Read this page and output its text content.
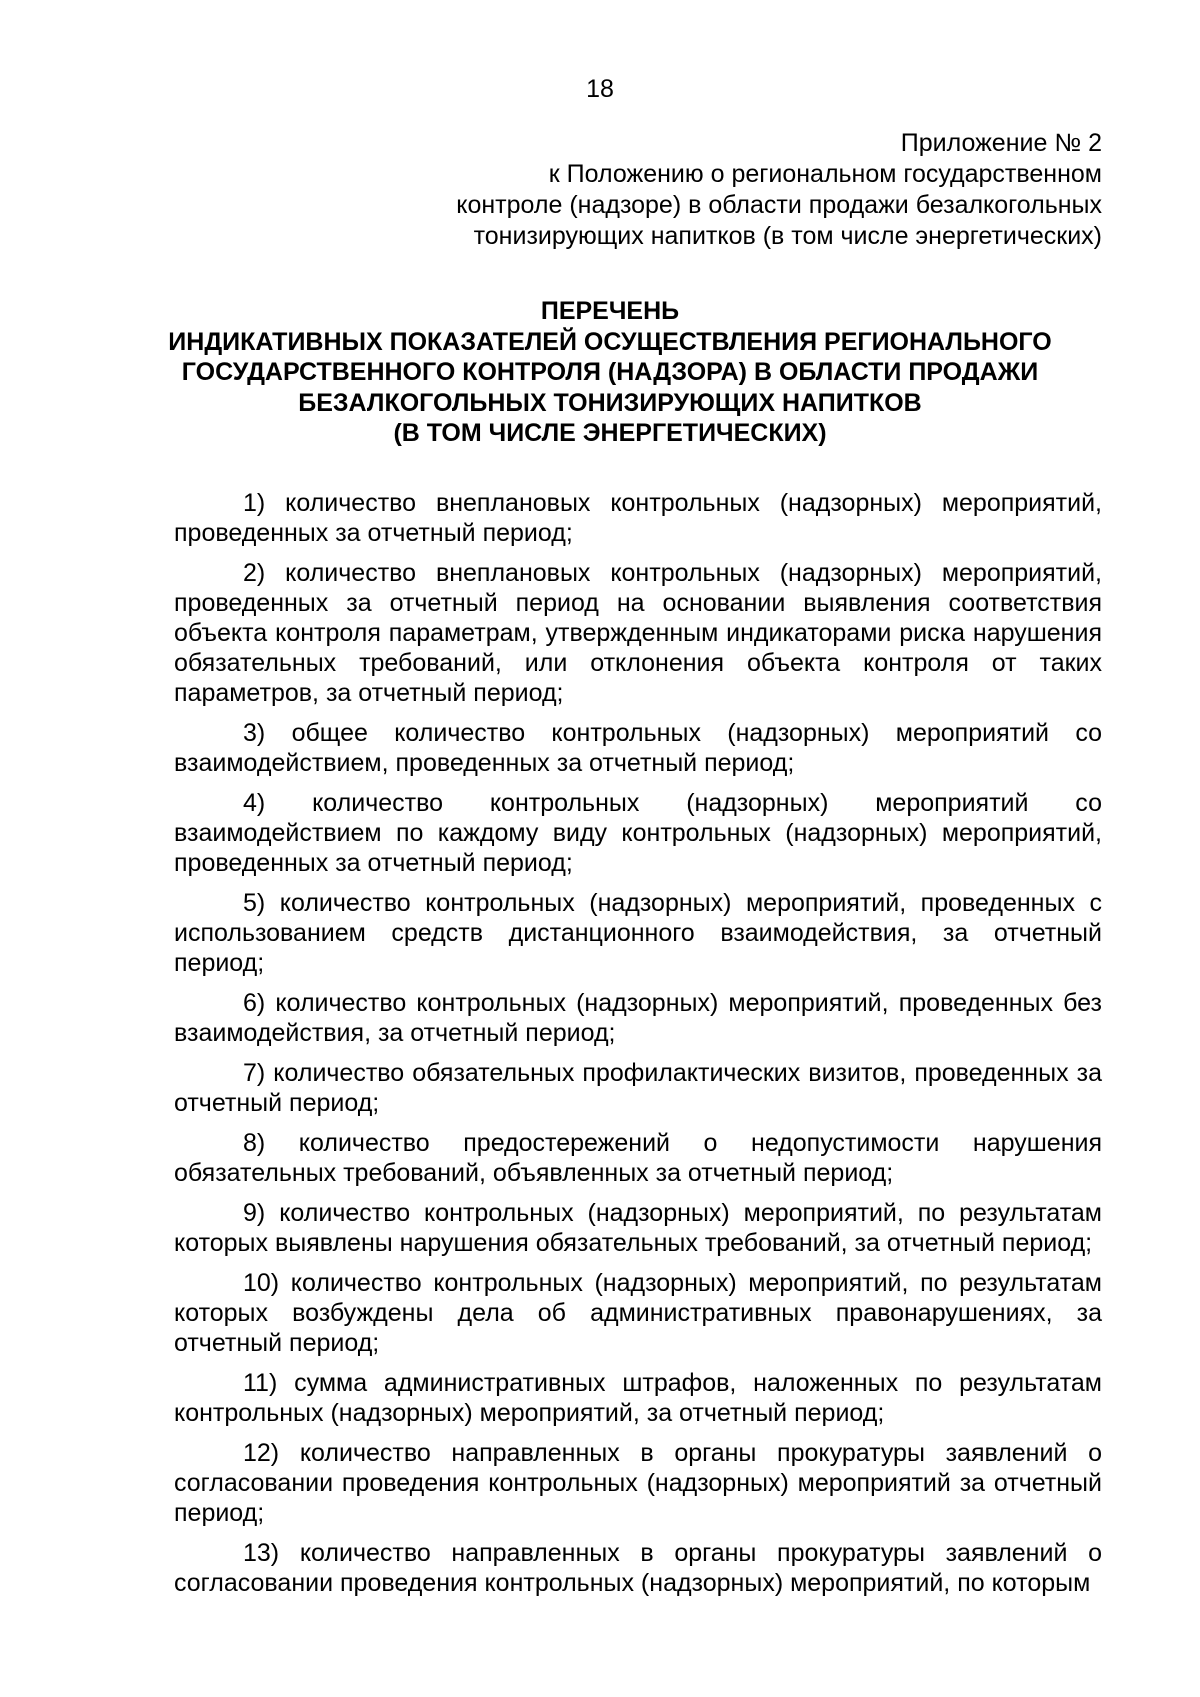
18
Приложение № 2
к Положению о региональном государственном
контроле (надзоре) в области продажи безалкогольных
тонизирующих напитков (в том числе энергетических)
ПЕРЕЧЕНЬ
ИНДИКАТИВНЫХ ПОКАЗАТЕЛЕЙ ОСУЩЕСТВЛЕНИЯ РЕГИОНАЛЬНОГО
ГОСУДАРСТВЕННОГО КОНТРОЛЯ (НАДЗОРА) В ОБЛАСТИ ПРОДАЖИ
БЕЗАЛКОГОЛЬНЫХ ТОНИЗИРУЮЩИХ НАПИТКОВ
(В ТОМ ЧИСЛЕ ЭНЕРГЕТИЧЕСКИХ)

1) количество внеплановых контрольных (надзорных) мероприятий, проведенных за отчетный период;

2) количество внеплановых контрольных (надзорных) мероприятий, проведенных за отчетный период на основании выявления соответствия объекта контроля параметрам, утвержденным индикаторами риска нарушения обязательных требований, или отклонения объекта контроля от таких параметров, за отчетный период;

3) общее количество контрольных (надзорных) мероприятий со взаимодействием, проведенных за отчетный период;

4) количество контрольных (надзорных) мероприятий со взаимодействием по каждому виду контрольных (надзорных) мероприятий, проведенных за отчетный период;

5) количество контрольных (надзорных) мероприятий, проведенных с использованием средств дистанционного взаимодействия, за отчетный период;

6) количество контрольных (надзорных) мероприятий, проведенных без взаимодействия, за отчетный период;

7) количество обязательных профилактических визитов, проведенных за отчетный период;

8) количество предостережений о недопустимости нарушения обязательных требований, объявленных за отчетный период;

9) количество контрольных (надзорных) мероприятий, по результатам которых выявлены нарушения обязательных требований, за отчетный период;

10) количество контрольных (надзорных) мероприятий, по результатам которых возбуждены дела об административных правонарушениях, за отчетный период;

11) сумма административных штрафов, наложенных по результатам контрольных (надзорных) мероприятий, за отчетный период;

12) количество направленных в органы прокуратуры заявлений о согласовании проведения контрольных (надзорных) мероприятий за отчетный период;

13) количество направленных в органы прокуратуры заявлений о согласовании проведения контрольных (надзорных) мероприятий, по которым
